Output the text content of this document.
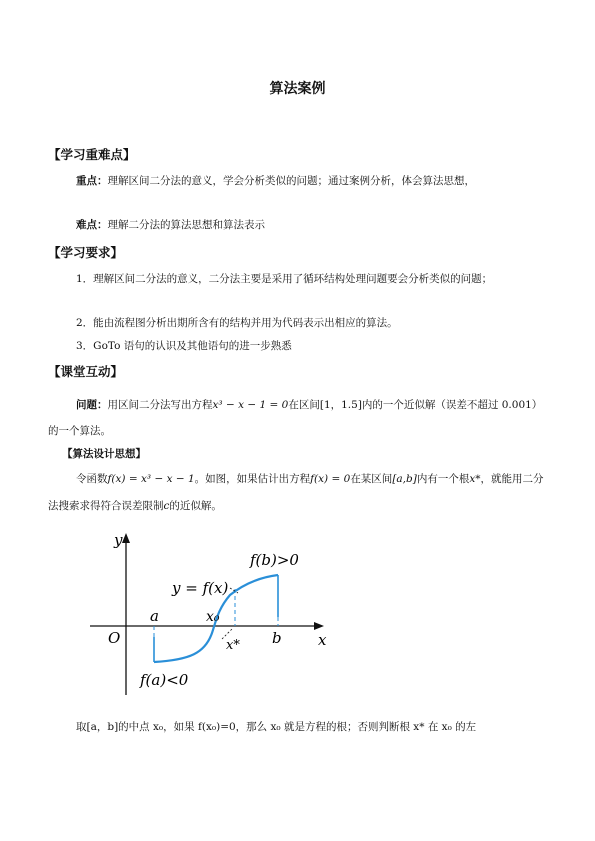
算法案例
【学习重难点】
重点：理解区间二分法的意义，学会分析类似的问题；通过案例分析，体会算法思想，
难点：理解二分法的算法思想和算法表示
【学习要求】
1．理解区间二分法的意义，二分法主要是采用了循环结构处理问题要会分析类似的问题；
2．能由流程图分析出期所含有的结构并用为代码表示出相应的算法。
3．GoTo 语句的认识及其他语句的进一步熟悉
【课堂互动】
问题：用区间二分法写出方程x³ − x − 1 = 0在区间[1，1.5]内的一个近似解（误差不超过 0.001）的一个算法。
【算法设计思想】
令函数f(x) = x³ − x − 1。如图，如果估计出方程f(x) = 0在某区间[a,b]内有一个根x*，就能用二分法搜索求得符合误差限制c的近似解。
y
x
O
a
b
x₀
x*
f(b)>0
f(a)<0
y = f(x)
取[a，b]的中点 x₀，如果 f(x₀)=0，那么 x₀ 就是方程的根；否则判断根 x* 在 x₀ 的左
